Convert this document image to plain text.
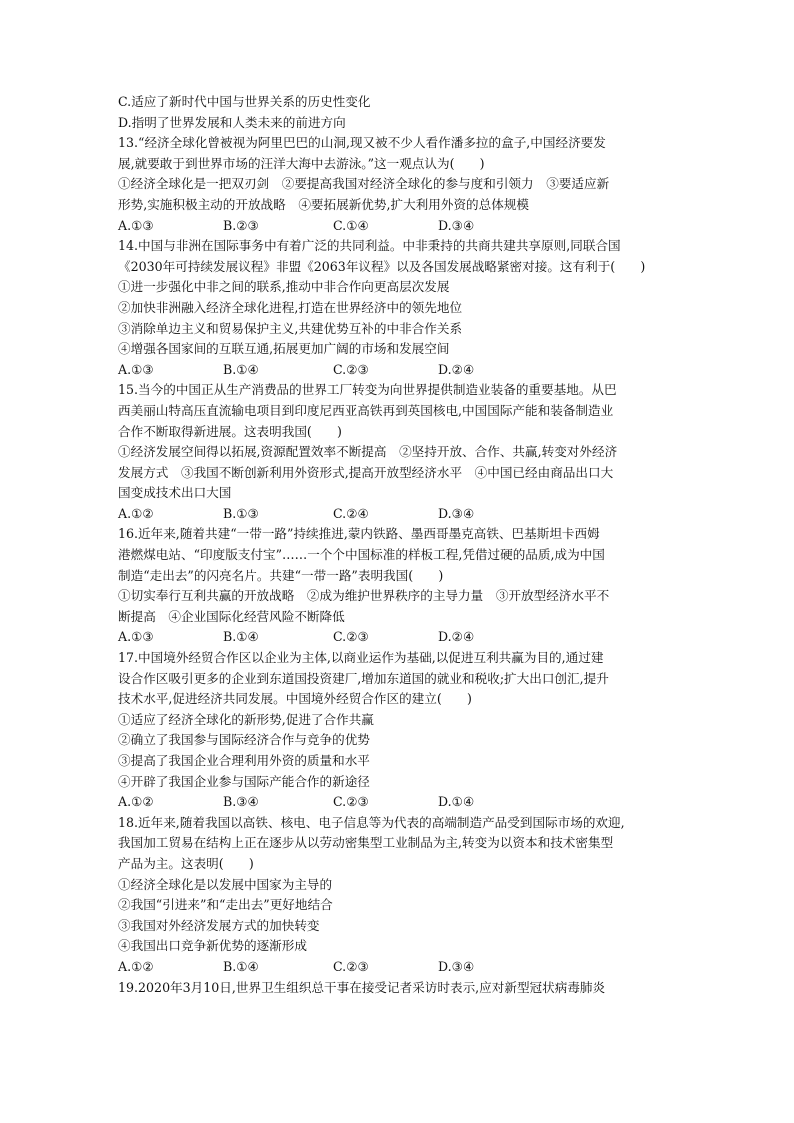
C.适应了新时代中国与世界关系的历史性变化
D.指明了世界发展和人类未来的前进方向
13.“经济全球化曾被视为阿里巴巴的山洞,现又被不少人看作潘多拉的盒子,中国经济要发
展,就要敢于到世界市场的汪洋大海中去游泳。”这一观点认为(　　)
①经济全球化是一把双刃剑　②要提高我国对经济全球化的参与度和引领力　③要适应新
形势,实施积极主动的开放战略　④要拓展新优势,扩大利用外资的总体规模
A.①③	B.②③	C.①④	D.③④
14.中国与非洲在国际事务中有着广泛的共同利益。中非秉持的共商共建共享原则,同联合国
《2030年可持续发展议程》非盟《2063年议程》以及各国发展战略紧密对接。这有利于(　　)
①进一步强化中非之间的联系,推动中非合作向更高层次发展
②加快非洲融入经济全球化进程,打造在世界经济中的领先地位
③消除单边主义和贸易保护主义,共建优势互补的中非合作关系
④增强各国家间的互联互通,拓展更加广阔的市场和发展空间
A.①③	B.①④	C.②③	D.②④
15.当今的中国正从生产消费品的世界工厂转变为向世界提供制造业装备的重要基地。从巴
西美丽山特高压直流输电项目到印度尼西亚高铁再到英国核电,中国国际产能和装备制造业
合作不断取得新进展。这表明我国(　　)
①经济发展空间得以拓展,资源配置效率不断提高　②坚持开放、合作、共赢,转变对外经济
发展方式　③我国不断创新利用外资形式,提高开放型经济水平　④中国已经由商品出口大
国变成技术出口大国
A.①②	B.①③	C.②④	D.③④
16.近年来,随着共建“一带一路”持续推进,蒙内铁路、墨西哥墨克高铁、巴基斯坦卡西姆
港燃煤电站、“印度版支付宝”……一个个中国标准的样板工程,凭借过硬的品质,成为中国
制造“走出去”的闪亮名片。共建“一带一路”表明我国(　　)
①切实奉行互利共赢的开放战略　②成为维护世界秩序的主导力量　③开放型经济水平不
断提高　④企业国际化经营风险不断降低
A.①③	B.①④	C.②③	D.②④
17.中国境外经贸合作区以企业为主体,以商业运作为基础,以促进互利共赢为目的,通过建
设合作区吸引更多的企业到东道国投资建厂,增加东道国的就业和税收;扩大出口创汇,提升
技术水平,促进经济共同发展。中国境外经贸合作区的建立(　　)
①适应了经济全球化的新形势,促进了合作共赢
②确立了我国参与国际经济合作与竞争的优势
③提高了我国企业合理利用外资的质量和水平
④开辟了我国企业参与国际产能合作的新途径
A.①②	B.③④	C.②③	D.①④
18.近年来,随着我国以高铁、核电、电子信息等为代表的高端制造产品受到国际市场的欢迎,
我国加工贸易在结构上正在逐步从以劳动密集型工业制品为主,转变为以资本和技术密集型
产品为主。这表明(　　)
①经济全球化是以发展中国家为主导的
②我国“引进来”和“走出去”更好地结合
③我国对外经济发展方式的加快转变
④我国出口竞争新优势的逐渐形成
A.①②	B.①④	C.②③	D.③④
19.2020年3月10日,世界卫生组织总干事在接受记者采访时表示,应对新型冠状病毒肺炎
